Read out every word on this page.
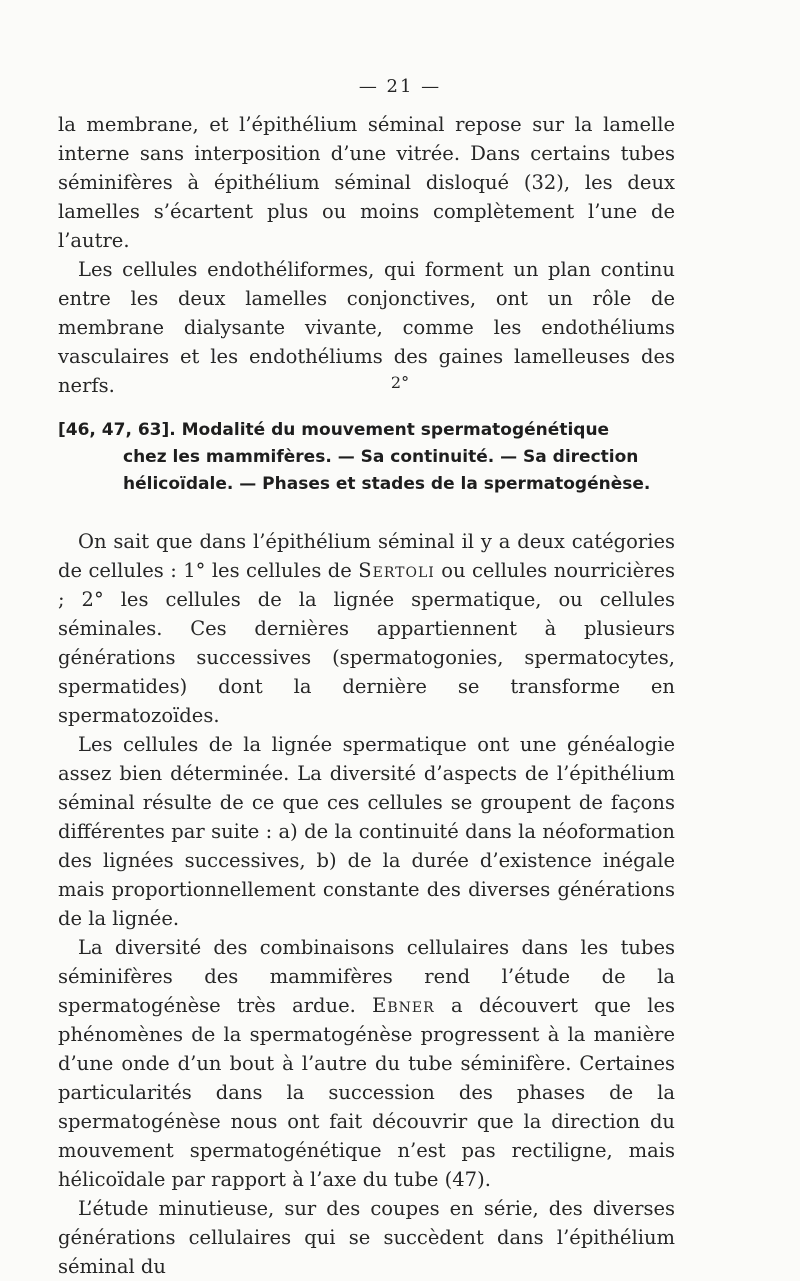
— 21 —

la membrane, et l’épithélium séminal repose sur la lamelle interne sans interposition d’une vitrée. Dans certains tubes séminifères à épithélium séminal disloqué (32), les deux lamelles s’écartent plus ou moins complètement l’une de l’autre.

Les cellules endothéliformes, qui forment un plan continu entre les deux lamelles conjonctives, ont un rôle de membrane dialysante vivante, comme les endothéliums vasculaires et les endothéliums des gaines lamelleuses des nerfs.	2°
[46, 47, 63]. Modalité du mouvement spermatogénétique
chez les mammifères. — Sa continuité. — Sa direction
hélicoïdale. — Phases et stades de la spermatogénèse.

On sait que dans l’épithélium séminal il y a deux catégories de cellules : 1° les cellules de Sertoli ou cellules nourricières ; 2° les cellules de la lignée spermatique, ou cellules séminales. Ces dernières appartiennent à plusieurs générations successives (spermatogonies, spermatocytes, spermatides) dont la dernière se transforme en spermatozoïdes.

Les cellules de la lignée spermatique ont une généalogie assez bien déterminée. La diversité d’aspects de l’épithélium séminal résulte de ce que ces cellules se groupent de façons différentes par suite : a) de la continuité dans la néoformation des lignées successives, b) de la durée d’existence inégale mais proportionnellement constante des diverses générations de la lignée.

La diversité des combinaisons cellulaires dans les tubes séminifères des mammifères rend l’étude de la spermatogénèse très ardue. Ebner a découvert que les phénomènes de la spermatogénèse progressent à la manière d’une onde d’un bout à l’autre du tube séminifère. Certaines particularités dans la succession des phases de la spermatogénèse nous ont fait découvrir que la direction du mouvement spermatogénétique n’est pas rectiligne, mais hélicoïdale par rapport à l’axe du tube (47).

L’étude minutieuse, sur des coupes en série, des diverses générations cellulaires qui se succèdent dans l’épithélium séminal du
